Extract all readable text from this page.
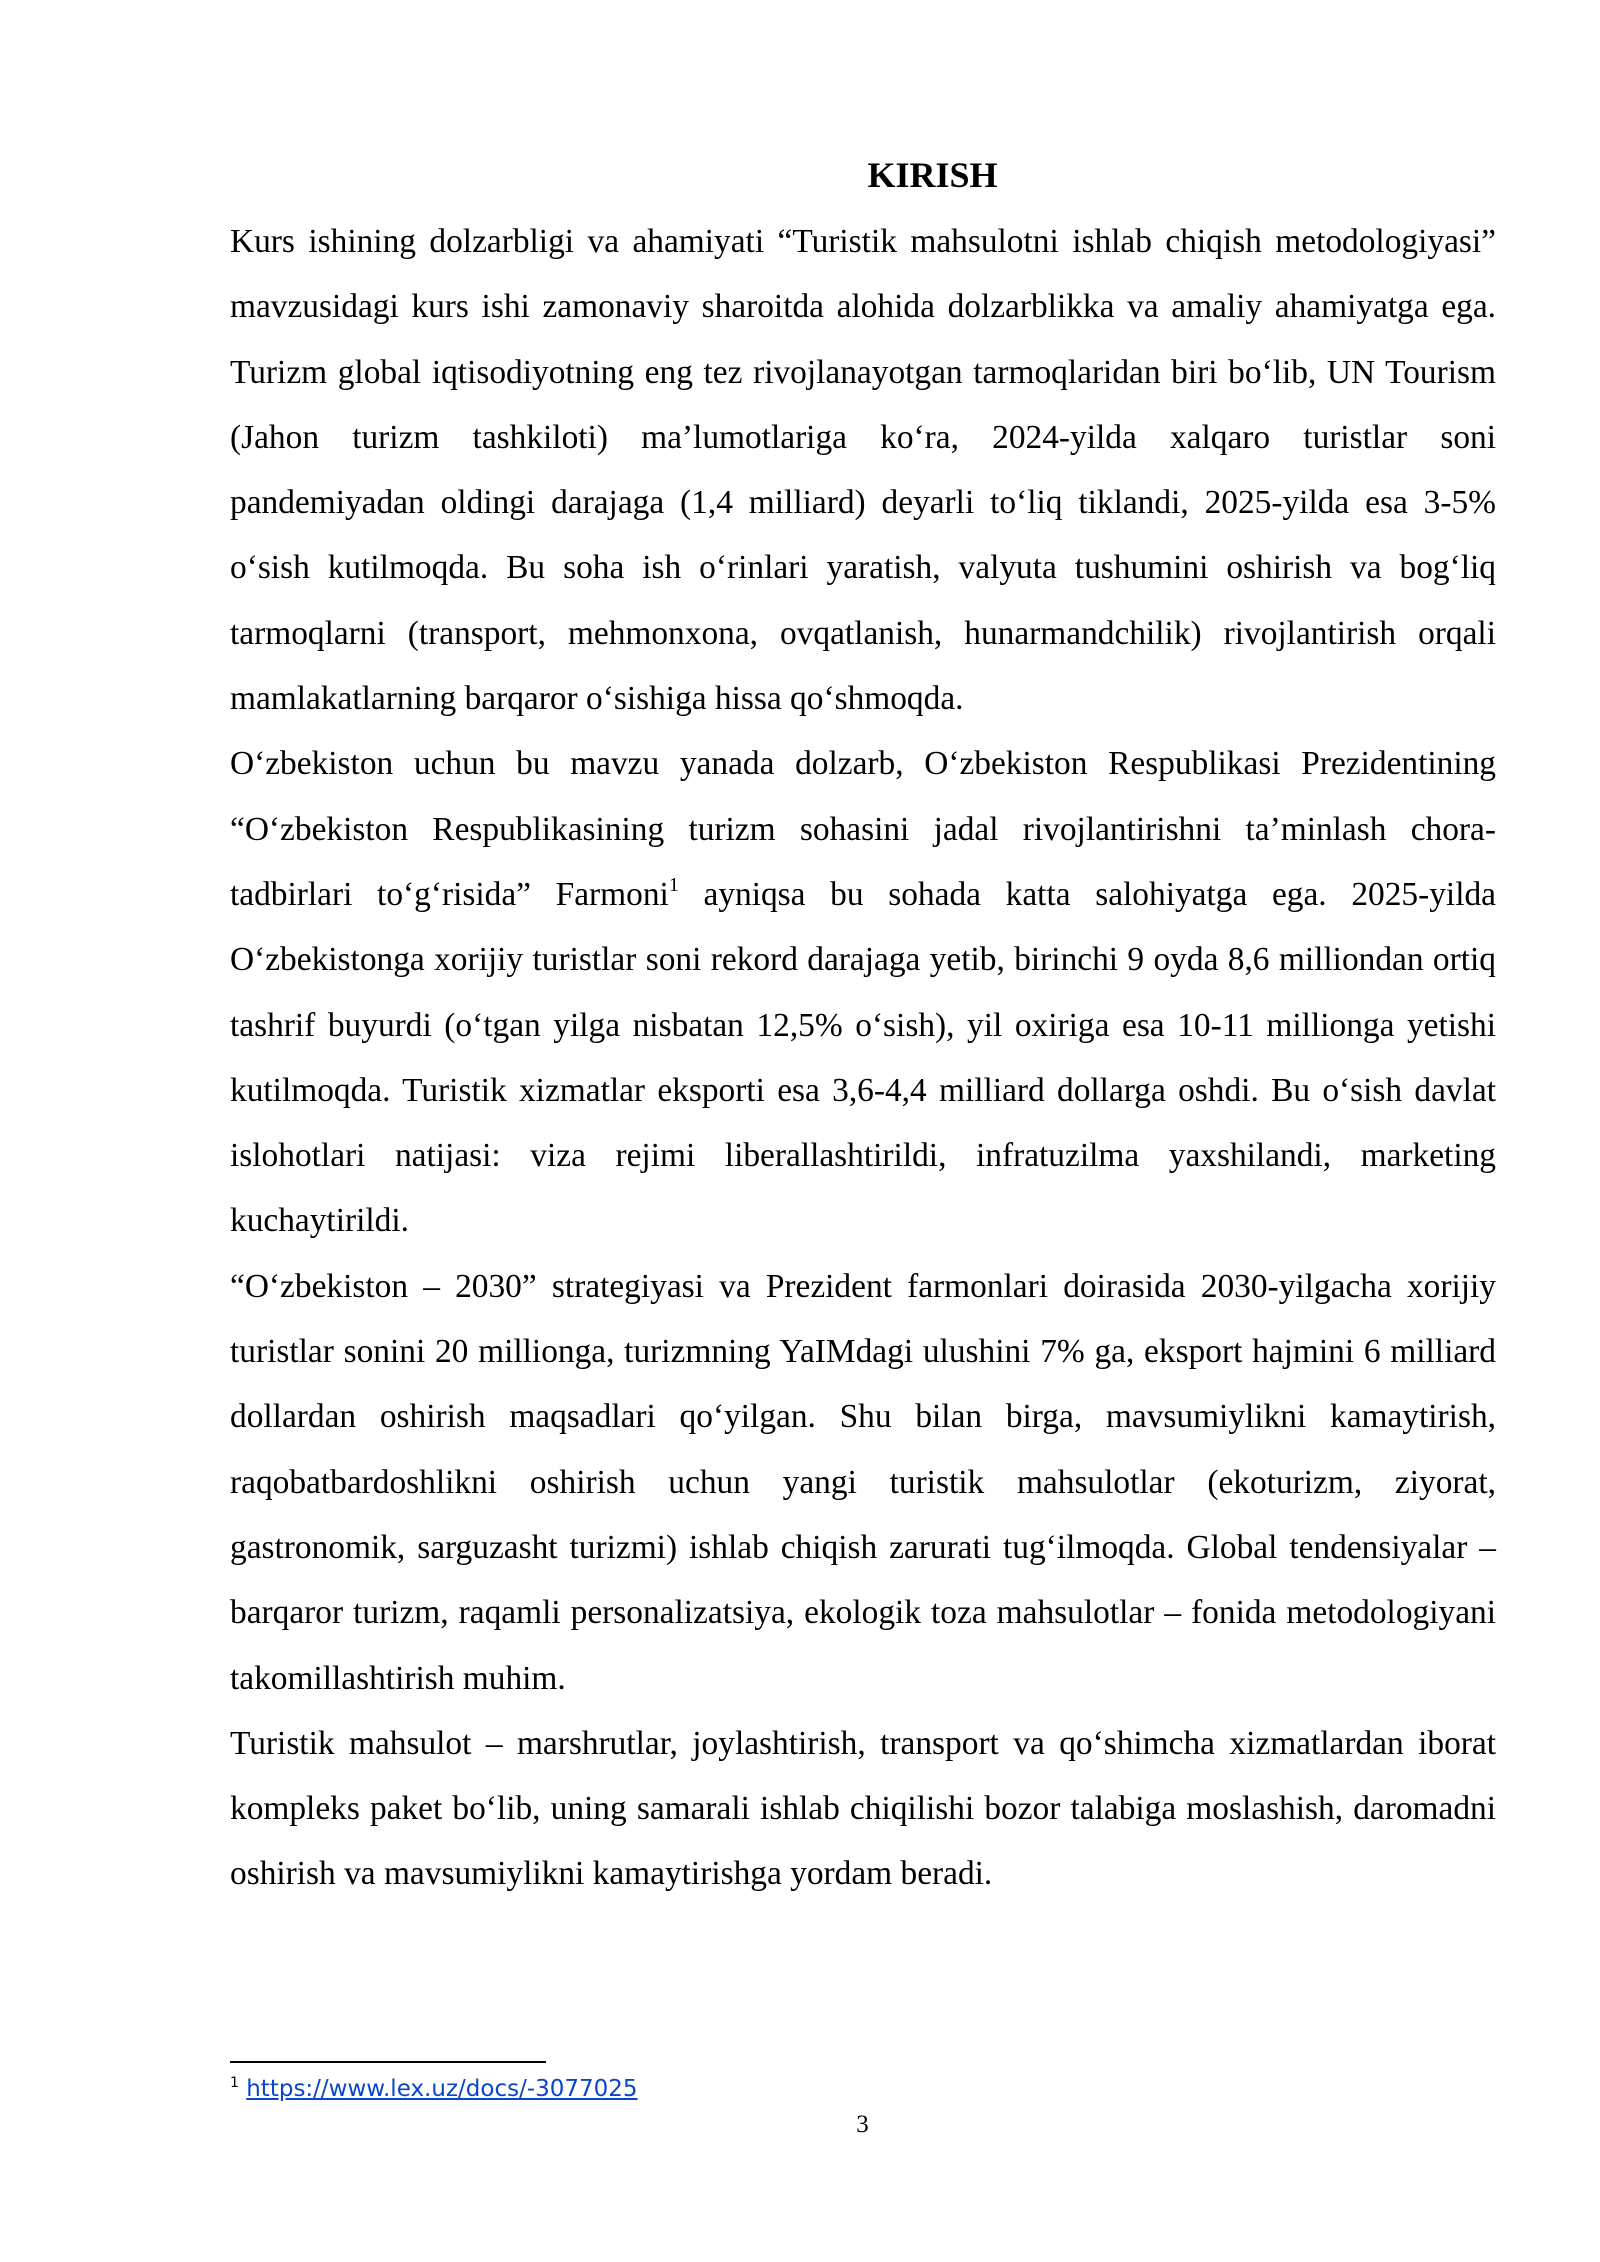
KIRISH

Kurs ishining dolzarbligi va ahamiyati “Turistik mahsulotni ishlab chiqish metodologiyasi” mavzusidagi kurs ishi zamonaviy sharoitda alohida dolzarblikka va amaliy ahamiyatga ega. Turizm global iqtisodiyotning eng tez rivojlanayotgan tarmoqlaridan biri bo‘lib, UN Tourism (Jahon turizm tashkiloti) ma’lumotlariga ko‘ra, 2024-yilda xalqaro turistlar soni pandemiyadan oldingi darajaga (1,4 milliard) deyarli to‘liq tiklandi, 2025-yilda esa 3-5% o‘sish kutilmoqda. Bu soha ish o‘rinlari yaratish, valyuta tushumini oshirish va bog‘liq tarmoqlarni (transport, mehmonxona, ovqatlanish, hunarmandchilik) rivojlantirish orqali mamlakatlarning barqaror o‘sishiga hissa qo‘shmoqda.

O‘zbekiston uchun bu mavzu yanada dolzarb, O‘zbekiston Respublikasi Prezidentining “O‘zbekiston Respublikasining turizm sohasini jadal rivojlantirishni ta’minlash chora-tadbirlari to‘g‘risida” Farmoni$^1$ ayniqsa bu sohada katta salohiyatga ega. 2025-yilda O‘zbekistonga xorijiy turistlar soni rekord darajaga yetib, birinchi 9 oyda 8,6 milliondan ortiq tashrif buyurdi (o‘tgan yilga nisbatan 12,5% o‘sish), yil oxiriga esa 10-11 millionga yetishi kutilmoqda. Turistik xizmatlar eksporti esa 3,6-4,4 milliard dollarga oshdi. Bu o‘sish davlat islohotlari natijasi: viza rejimi liberallashtirildi, infratuzilma yaxshilandi, marketing kuchaytirildi.

“O‘zbekiston – 2030” strategiyasi va Prezident farmonlari doirasida 2030-yilgacha xorijiy turistlar sonini 20 millionga, turizmning YaIMdagi ulushini 7% ga, eksport hajmini 6 milliard dollardan oshirish maqsadlari qo‘yilgan. Shu bilan birga, mavsumiylikni kamaytirish, raqobatbardoshlikni oshirish uchun yangi turistik mahsulotlar (ekoturizm, ziyorat, gastronomik, sarguzasht turizmi) ishlab chiqish zarurati tug‘ilmoqda. Global tendensiyalar – barqaror turizm, raqamli personalizatsiya, ekologik toza mahsulotlar – fonida metodologiyani takomillashtirish muhim.

Turistik mahsulot – marshrutlar, joylashtirish, transport va qo‘shimcha xizmatlardan iborat kompleks paket bo‘lib, uning samarali ishlab chiqilishi bozor talabiga moslashish, daromadni oshirish va mavsumiylikni kamaytirishga yordam beradi.

$^1$ https://www.lex.uz/docs/-3077025
3
